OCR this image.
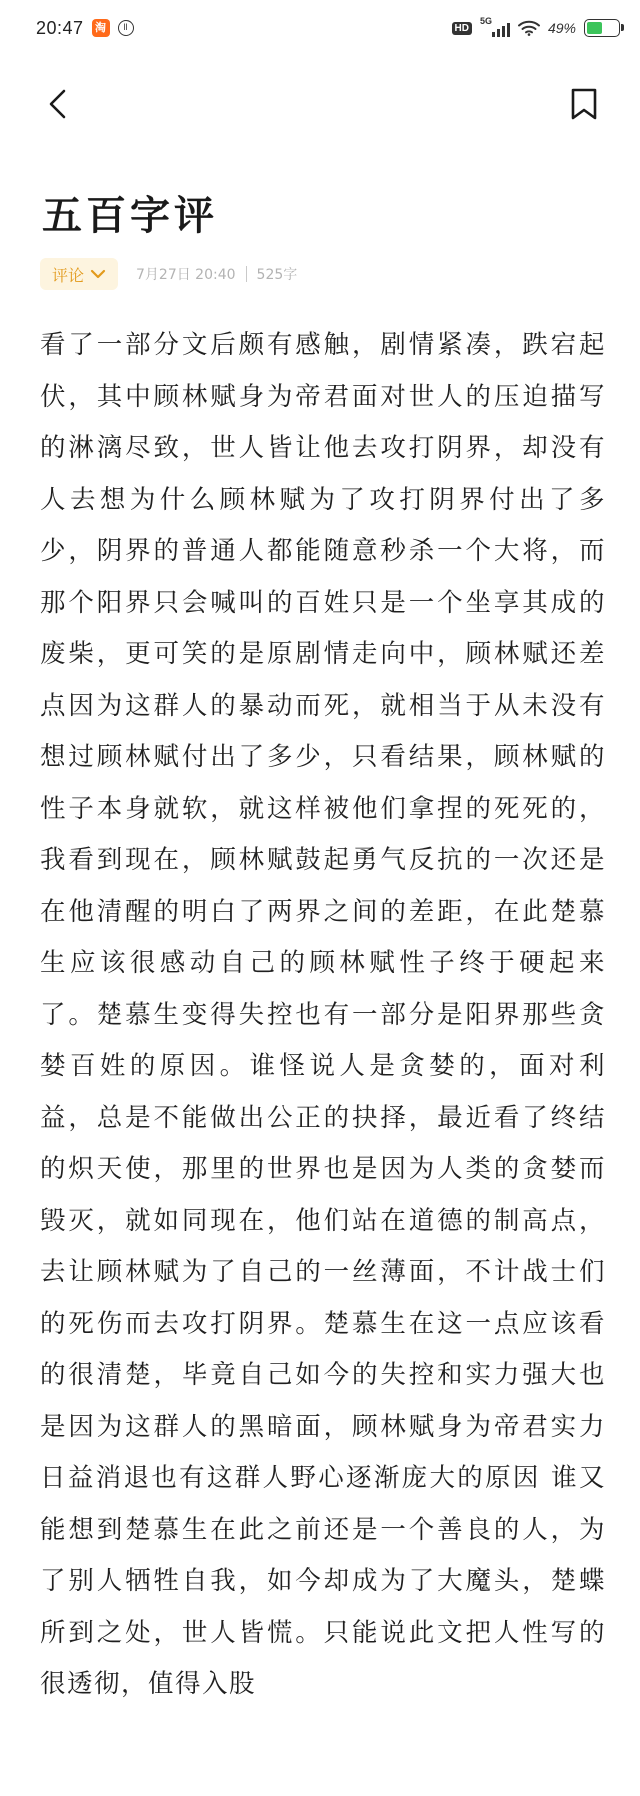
20:47	淘	ll	HD
5G	49%
五百字评
评论	7月27日 20:40 525字

看了一部分文后颇有感触，剧情紧凑，跌宕起伏，其中顾林赋身为帝君面对世人的压迫描写的淋漓尽致，世人皆让他去攻打阴界，却没有人去想为什么顾林赋为了攻打阴界付出了多少，阴界的普通人都能随意秒杀一个大将，而那个阳界只会喊叫的百姓只是一个坐享其成的废柴，更可笑的是原剧情走向中，顾林赋还差点因为这群人的暴动而死，就相当于从未没有想过顾林赋付出了多少，只看结果，顾林赋的性子本身就软，就这样被他们拿捏的死死的，我看到现在，顾林赋鼓起勇气反抗的一次还是在他清醒的明白了两界之间的差距，在此楚慕生应该很感动自己的顾林赋性子终于硬起来了。楚慕生变得失控也有一部分是阳界那些贪婪百姓的原因。谁怪说人是贪婪的，面对利益，总是不能做出公正的抉择，最近看了终结的炽天使，那里的世界也是因为人类的贪婪而毁灭，就如同现在，他们站在道德的制高点，去让顾林赋为了自己的一丝薄面，不计战士们的死伤而去攻打阴界。楚慕生在这一点应该看的很清楚，毕竟自己如今的失控和实力强大也是因为这群人的黑暗面，顾林赋身为帝君实力日益消退也有这群人野心逐渐庞大的原因 谁又能想到楚慕生在此之前还是一个善良的人，为了别人牺牲自我，如今却成为了大魔头，楚蝶所到之处，世人皆慌。只能说此文把人性写的很透彻，值得入股
